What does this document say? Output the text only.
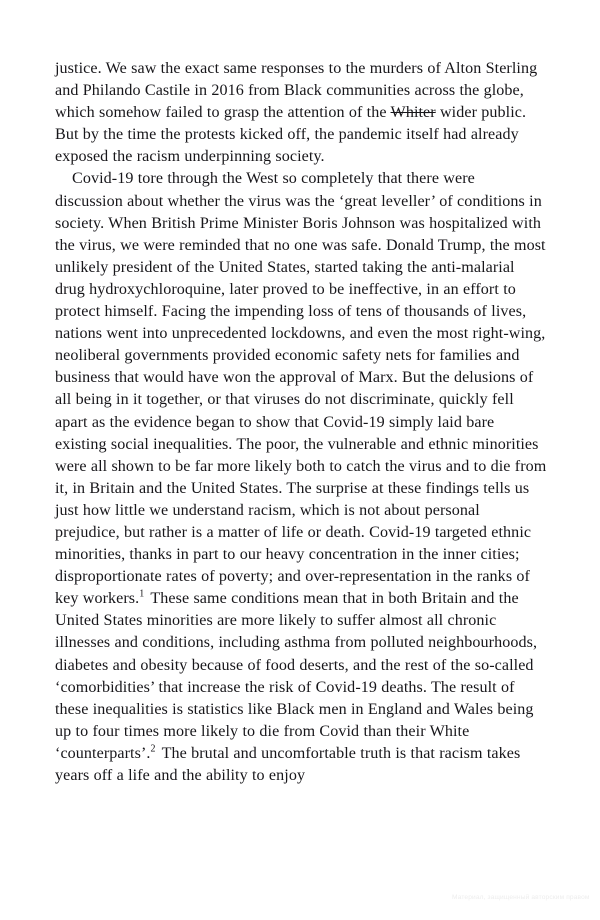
justice. We saw the exact same responses to the murders of Alton Sterling and Philando Castile in 2016 from Black communities across the globe, which somehow failed to grasp the attention of the Whiter wider public. But by the time the protests kicked off, the pandemic itself had already exposed the racism underpinning society.

Covid-19 tore through the West so completely that there were discussion about whether the virus was the ‘great leveller’ of conditions in society. When British Prime Minister Boris Johnson was hospitalized with the virus, we were reminded that no one was safe. Donald Trump, the most unlikely president of the United States, started taking the anti-malarial drug hydroxychloroquine, later proved to be ineffective, in an effort to protect himself. Facing the impending loss of tens of thousands of lives, nations went into unprecedented lockdowns, and even the most right-wing, neoliberal governments provided economic safety nets for families and business that would have won the approval of Marx. But the delusions of all being in it together, or that viruses do not discriminate, quickly fell apart as the evidence began to show that Covid-19 simply laid bare existing social inequalities. The poor, the vulnerable and ethnic minorities were all shown to be far more likely both to catch the virus and to die from it, in Britain and the United States. The surprise at these findings tells us just how little we understand racism, which is not about personal prejudice, but rather is a matter of life or death. Covid-19 targeted ethnic minorities, thanks in part to our heavy concentration in the inner cities; disproportionate rates of poverty; and over-representation in the ranks of key workers.$^1$ These same conditions mean that in both Britain and the United States minorities are more likely to suffer almost all chronic illnesses and conditions, including asthma from polluted neighbourhoods, diabetes and obesity because of food deserts, and the rest of the so-called ‘comorbidities’ that increase the risk of Covid-19 deaths. The result of these inequalities is statistics like Black men in England and Wales being up to four times more likely to die from Covid than their White ‘counterparts’.$^2$ The brutal and uncomfortable truth is that racism takes years off a life and the ability to enjoy

Материал, защищенный авторским правом
